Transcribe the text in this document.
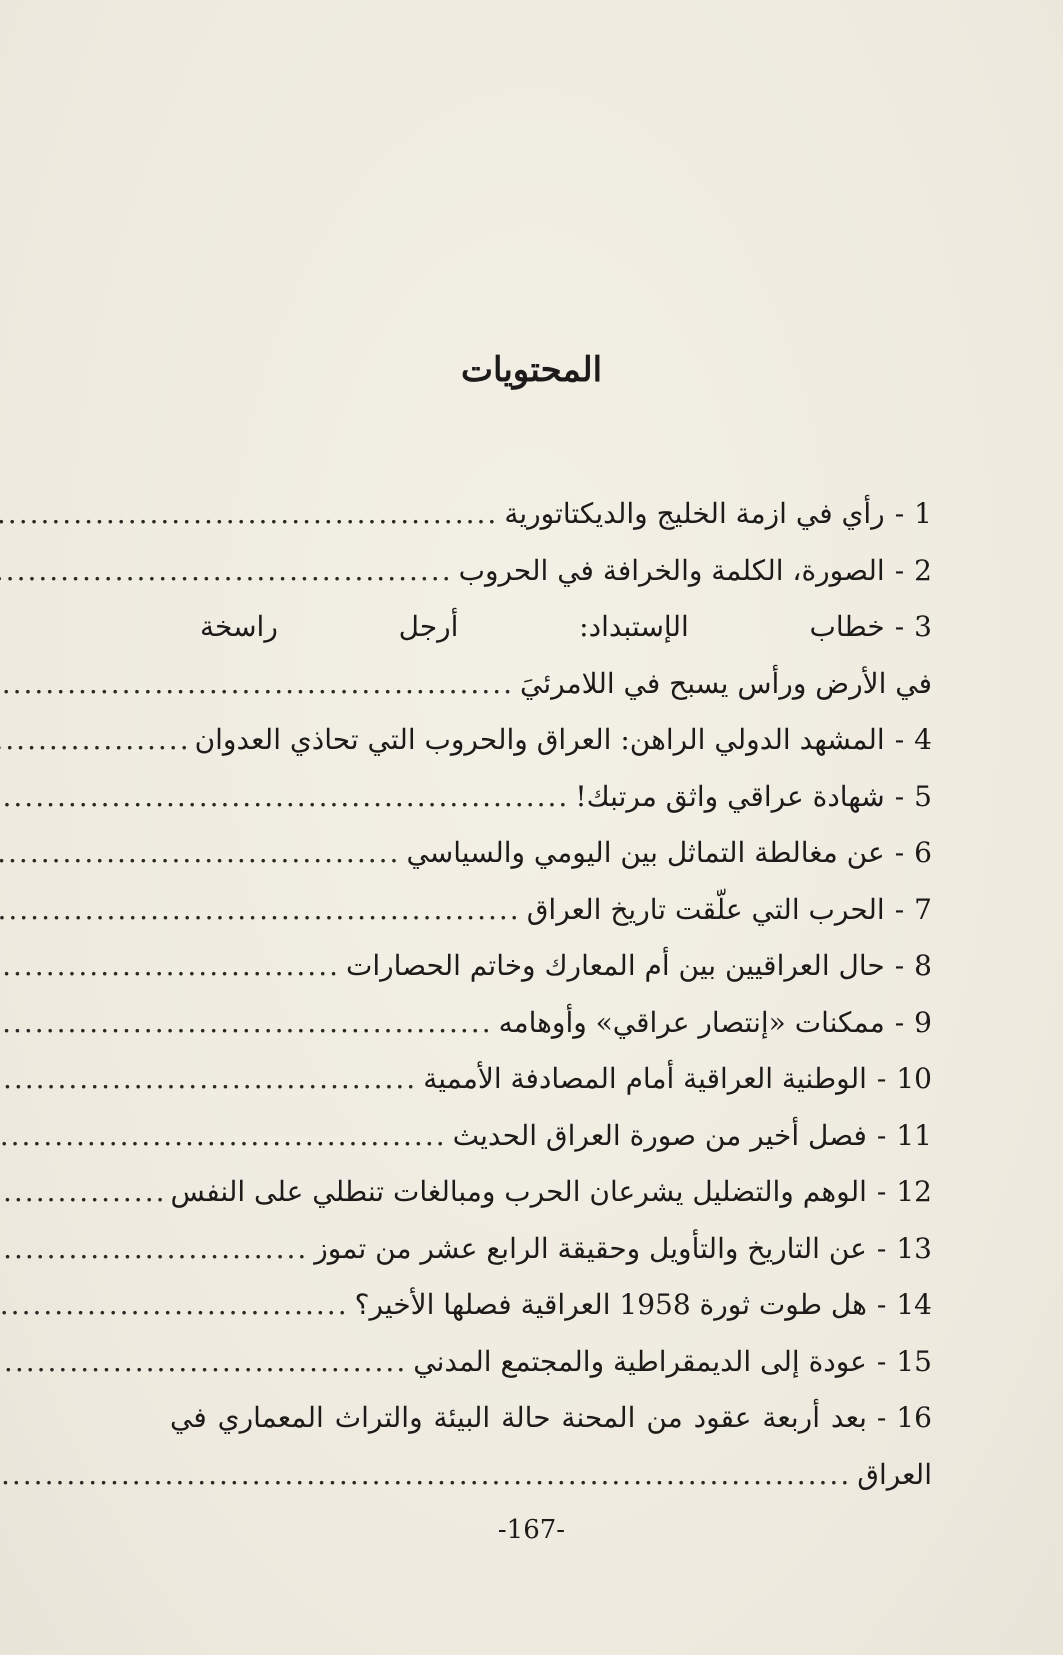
المحتويات
1
-
رأي في ازمة الخليج والديكتاتورية
.....
2
-
الصورة، الكلمة والخرافة في الحروب
.....
3
-
خطاب الإستبداد: أرجل راسخة
في الأرض ورأس يسبح في اللامرئيَ
.....
4
-
المشهد الدولي الراهن: العراق والحروب التي تحاذي العدوان
.....
5
-
شهادة عراقي واثق مرتبك!
.....
6
-
عن مغالطة التماثل بين اليومي والسياسي
.....
7
-
الحرب التي علّقت تاريخ العراق
.....
8
-
حال العراقيين بين أم المعارك وخاتم الحصارات
.....
9
-
ممكنات «إنتصار عراقي» وأوهامه
.....
10
-
الوطنية العراقية أمام المصادفة الأممية
.....
11
-
فصل أخير من صورة العراق الحديث
.....
12
-
الوهم والتضليل يشرعان الحرب ومبالغات تنطلي على النفس
.....
13
-
عن التاريخ والتأويل وحقيقة الرابع عشر من تموز
.....
14
-
هل طوت ثورة 1958 العراقية فصلها الأخير؟
.....
15
-
عودة إلى الديمقراطية والمجتمع المدني
.....
16
-
بعد أربعة عقود من المحنة حالة البيئة والتراث المعماري في
العراق
.....
-167-
